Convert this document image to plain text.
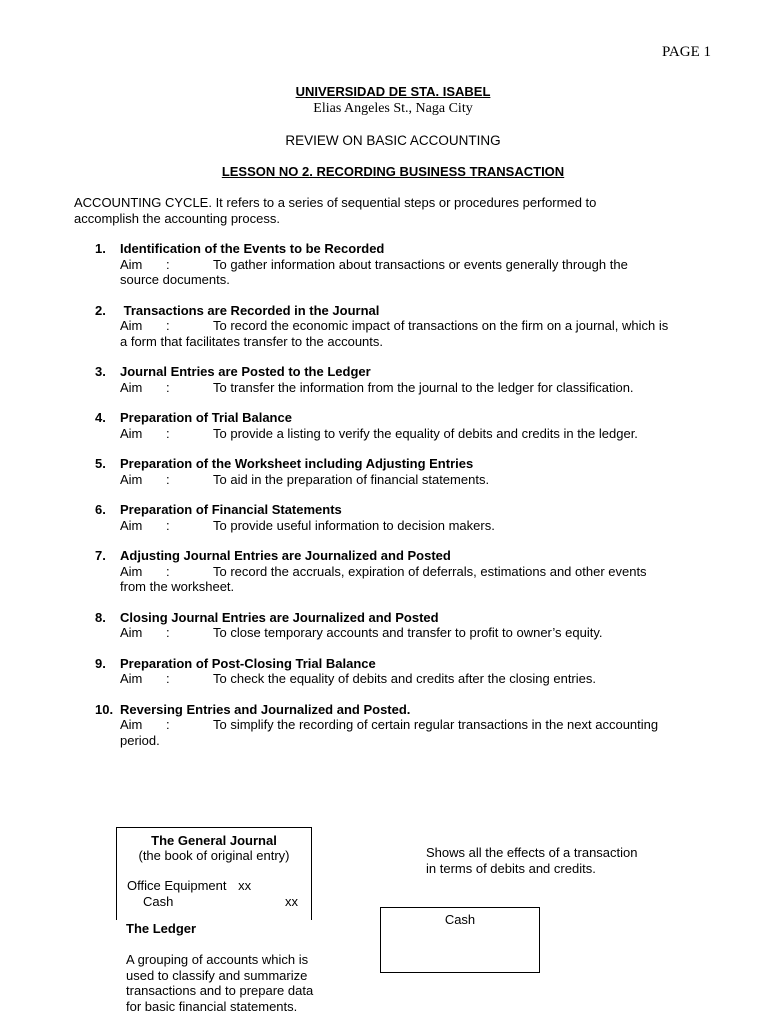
PAGE 1
UNIVERSIDAD DE STA. ISABEL
Elias Angeles St., Naga City
REVIEW ON BASIC ACCOUNTING
LESSON NO 2. RECORDING BUSINESS TRANSACTION
ACCOUNTING CYCLE. It refers to a series of sequential steps or procedures performed to
accomplish the accounting process.
1. Identification of the Events to be Recorded
Aim :	To gather information about transactions or events generally through the
source documents.
2. Transactions are Recorded in the Journal
Aim :	To record the economic impact of transactions on the firm on a journal, which is
a form that facilitates transfer to the accounts.
3. Journal Entries are Posted to the Ledger
Aim :	To transfer the information from the journal to the ledger for classification.
4. Preparation of Trial Balance
Aim :	To provide a listing to verify the equality of debits and credits in the ledger.
5. Preparation of the Worksheet including Adjusting Entries
Aim :	To aid in the preparation of financial statements.
6. Preparation of Financial Statements
Aim :	To provide useful information to decision makers.
7. Adjusting Journal Entries are Journalized and Posted
Aim :	To record the accruals, expiration of deferrals, estimations and other events
from the worksheet.
8. Closing Journal Entries are Journalized and Posted
Aim :	To close temporary accounts and transfer to profit to owner’s equity.
9. Preparation of Post-Closing Trial Balance
Aim :	To check the equality of debits and credits after the closing entries.
10. Reversing Entries and Journalized and Posted.
Aim :	To simplify the recording of certain regular transactions in the next accounting
period.
The General Journal
(the book of original entry)
Office Equipment xx
Cash	xx
Shows all the effects of a transaction
in terms of debits and credits.
The Ledger
A grouping of accounts which is
used to classify and summarize
transactions and to prepare data
for basic financial statements.
Cash
